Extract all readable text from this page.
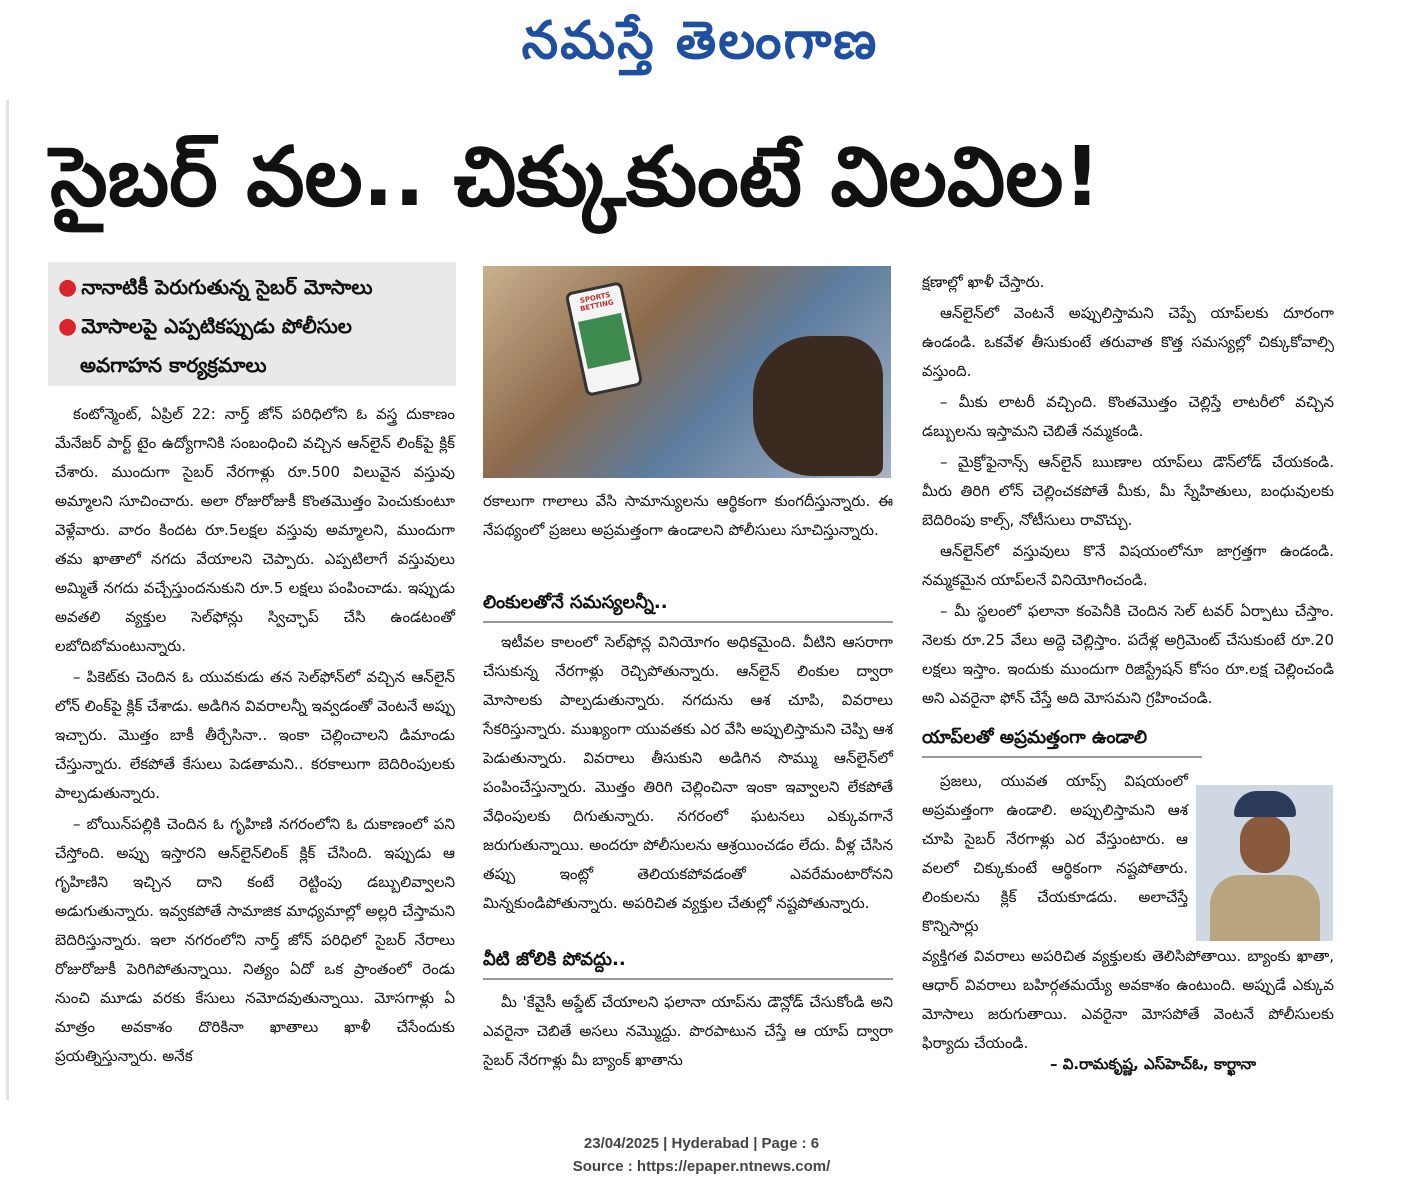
నమస్తే తెలంగాణ
సైబర్ వల.. చిక్కుకుంటే విలవిల!
● నానాటికీ పెరుగుతున్న సైబర్ మోసాలు
● మోసాలపై ఎప్పటికప్పుడు పోలీసుల
అవగాహన కార్యక్రమాలు

కంటోన్మెంట్, ఏప్రిల్ 22: నార్త్ జోన్ పరిధిలోని ఓ వస్త్ర దుకాణం మేనేజర్ పార్ట్ టైం ఉద్యోగానికి సంబంధించి వచ్చిన ఆన్‌లైన్ లింక్‌పై క్లిక్ చేశారు. ముందుగా సైబర్ నేరగాళ్లు రూ.500 విలువైన వస్తువు అమ్మాలని సూచించారు. అలా రోజురోజుకీ కొంతమొత్తం పెంచుకుంటూ వెళ్లేవారు. వారం కిందట రూ.5లక్షల వస్తువు అమ్మాలని, ముందుగా తమ ఖాతాలో నగదు వేయాలని చెప్పారు. ఎప్పటిలాగే వస్తువులు అమ్మితే నగదు వచ్చేస్తుందనుకుని రూ.5 లక్షలు పంపించాడు. ఇప్పుడు అవతలి వ్యక్తుల సెల్‌ఫోన్లు స్విచ్ఛాప్ చేసి ఉండటంతో లబోదిబోమంటున్నారు.

– పికెట్‌కు చెందిన ఓ యువకుడు తన సెల్‌ఫోన్‌లో వచ్చిన ఆన్‌లైన్ లోన్ లింక్‌పై క్లిక్ చేశాడు. అడిగిన వివరాలన్నీ ఇవ్వడంతో వెంటనే అప్పు ఇచ్చారు. మొత్తం బాకీ తీర్చేసినా.. ఇంకా చెల్లించాలని డిమాండు చేస్తున్నారు. లేకపోతే కేసులు పెడతామని.. కరకాలుగా బెదిరింపులకు పాల్పడుతున్నారు.

– బోయిన్‌పల్లికి చెందిన ఓ గృహిణి నగరంలోని ఓ దుకాణంలో పని చేస్తోంది. అప్పు ఇస్తారని ఆన్‌లైన్‌లింక్ క్లిక్ చేసింది. ఇప్పుడు ఆ గృహిణిని ఇచ్చిన దాని కంటే రెట్టింపు డబ్బులివ్వాలని అడుగుతున్నారు. ఇవ్వకపోతే సామాజిక మాధ్యమాల్లో అల్లరి చేస్తామని బెదిరిస్తున్నారు. ఇలా నగరంలోని నార్త్ జోన్ పరిధిలో సైబర్ నేరాలు రోజురోజుకీ పెరిగిపోతున్నాయి. నిత్యం ఏదో ఒక ప్రాంతంలో రెండు నుంచి మూడు వరకు కేసులు నమోదవుతున్నాయి. మోసగాళ్లు ఏ మాత్రం అవకాశం దొరికినా ఖాతాలు ఖాళీ చేసేందుకు ప్రయత్నిస్తున్నారు. అనేక

SPORTS BETTING

రకాలుగా గాలాలు వేసి సామాన్యులను ఆర్థికంగా కుంగదీస్తున్నారు. ఈ నేపథ్యంలో ప్రజలు అప్రమత్తంగా ఉండాలని పోలీసులు సూచిస్తున్నారు.

లింకులతోనే సమస్యలన్నీ..

ఇటీవల కాలంలో సెల్‌ఫోన్ల వినియోగం అధికమైంది. వీటిని ఆసరాగా చేసుకున్న నేరగాళ్లు రెచ్చిపోతున్నారు. ఆన్‌లైన్ లింకుల ద్వారా మోసాలకు పాల్పడుతున్నారు. నగదును ఆశ చూపి, వివరాలు సేకరిస్తున్నారు. ముఖ్యంగా యువతకు ఎర వేసి అప్పులిస్తామని చెప్పి ఆశ పెడుతున్నారు. వివరాలు తీసుకుని అడిగిన సొమ్ము ఆన్‌లైన్‌లో పంపించేస్తున్నారు. మొత్తం తిరిగి చెల్లించినా ఇంకా ఇవ్వాలని లేకపోతే వేధింపులకు దిగుతున్నారు. నగరంలో ఘటనలు ఎక్కువగానే జరుగుతున్నాయి. అందరూ పోలీసులను ఆశ్రయించడం లేదు. వీళ్ల చేసిన తప్పు ఇంట్లో తెలియకపోవడంతో ఎవరేమంటారోనని మిన్నకుండిపోతున్నారు. అపరిచిత వ్యక్తుల చేతుల్లో నష్టపోతున్నారు.

వీటి జోలికి పోవద్దు..

మీ 'కేవైసీ అప్డేట్ చేయాలని ఫలానా యాప్‌ను డౌన్లోడ్ చేసుకోండి అని ఎవరైనా చెబితే అసలు నమ్మొద్దు. పొరపాటున చేస్తే ఆ యాప్ ద్వారా సైబర్ నేరగాళ్లు మీ బ్యాంక్ ఖాతాను

క్షణాల్లో ఖాళీ చేస్తారు.

ఆన్‌లైన్‌లో వెంటనే అప్పులిస్తామని చెప్పే యాప్‌లకు దూరంగా ఉండండి. ఒకవేళ తీసుకుంటే తరువాత కొత్త సమస్యల్లో చిక్కుకోవాల్సి వస్తుంది.

– మీకు లాటరీ వచ్చింది. కొంతమొత్తం చెల్లిస్తే లాటరీలో వచ్చిన డబ్బులను ఇస్తామని చెబితే నమ్మకండి.

– మైక్రోఫైనాన్స్ ఆన్‌లైన్ ఋణాల యాప్‌లు డౌన్‌లోడ్ చేయకండి. మీరు తిరిగి లోన్ చెల్లించకపోతే మీకు, మీ స్నేహితులు, బంధువులకు బెదిరింపు కాల్స్, నోటీసులు రావొచ్చు.

ఆన్‌లైన్‌లో వస్తువులు కొనే విషయంలోనూ జాగ్రత్తగా ఉండండి. నమ్మకమైన యాప్‌లనే వినియోగించండి.

– మీ స్థలంలో ఫలానా కంపెనీకి చెందిన సెల్ టవర్ ఏర్పాటు చేస్తాం. నెలకు రూ.25 వేలు అద్దె చెల్లిస్తాం. పదేళ్ల అగ్రిమెంట్ చేసుకుంటే రూ.20 లక్షలు ఇస్తాం. ఇందుకు ముందుగా రిజిస్ట్రేషన్ కోసం రూ.లక్ష చెల్లించండి అని ఎవరైనా ఫోన్ చేస్తే అది మోసమని గ్రహించండి.

యాప్‌లతో అప్రమత్తంగా ఉండాలి

ప్రజలు, యువత యాప్స్ విషయంలో అప్రమత్తంగా ఉండాలి. అప్పులిస్తామని ఆశ చూపి సైబర్ నేరగాళ్లు ఎర వేస్తుంటారు. ఆ వలలో చిక్కుకుంటే ఆర్థికంగా నష్టపోతారు. లింకులను క్లిక్ చేయకూడదు. అలాచేస్తే కొన్నిసార్లు

వ్యక్తిగత వివరాలు అపరిచిత వ్యక్తులకు తెలిసిపోతాయి. బ్యాంకు ఖాతా, ఆధార్ వివరాలు బహిర్గతమయ్యే అవకాశం ఉంటుంది. అప్పుడే ఎక్కువ మోసాలు జరుగుతాయి. ఎవరైనా మోసపోతే వెంటనే పోలీసులకు ఫిర్యాదు చేయండి.

– వి.రామకృష్ణ, ఎస్‌హెచ్‌ఓ, కార్ఖానా
23/04/2025 | Hyderabad | Page : 6
Source : https://epaper.ntnews.com/
